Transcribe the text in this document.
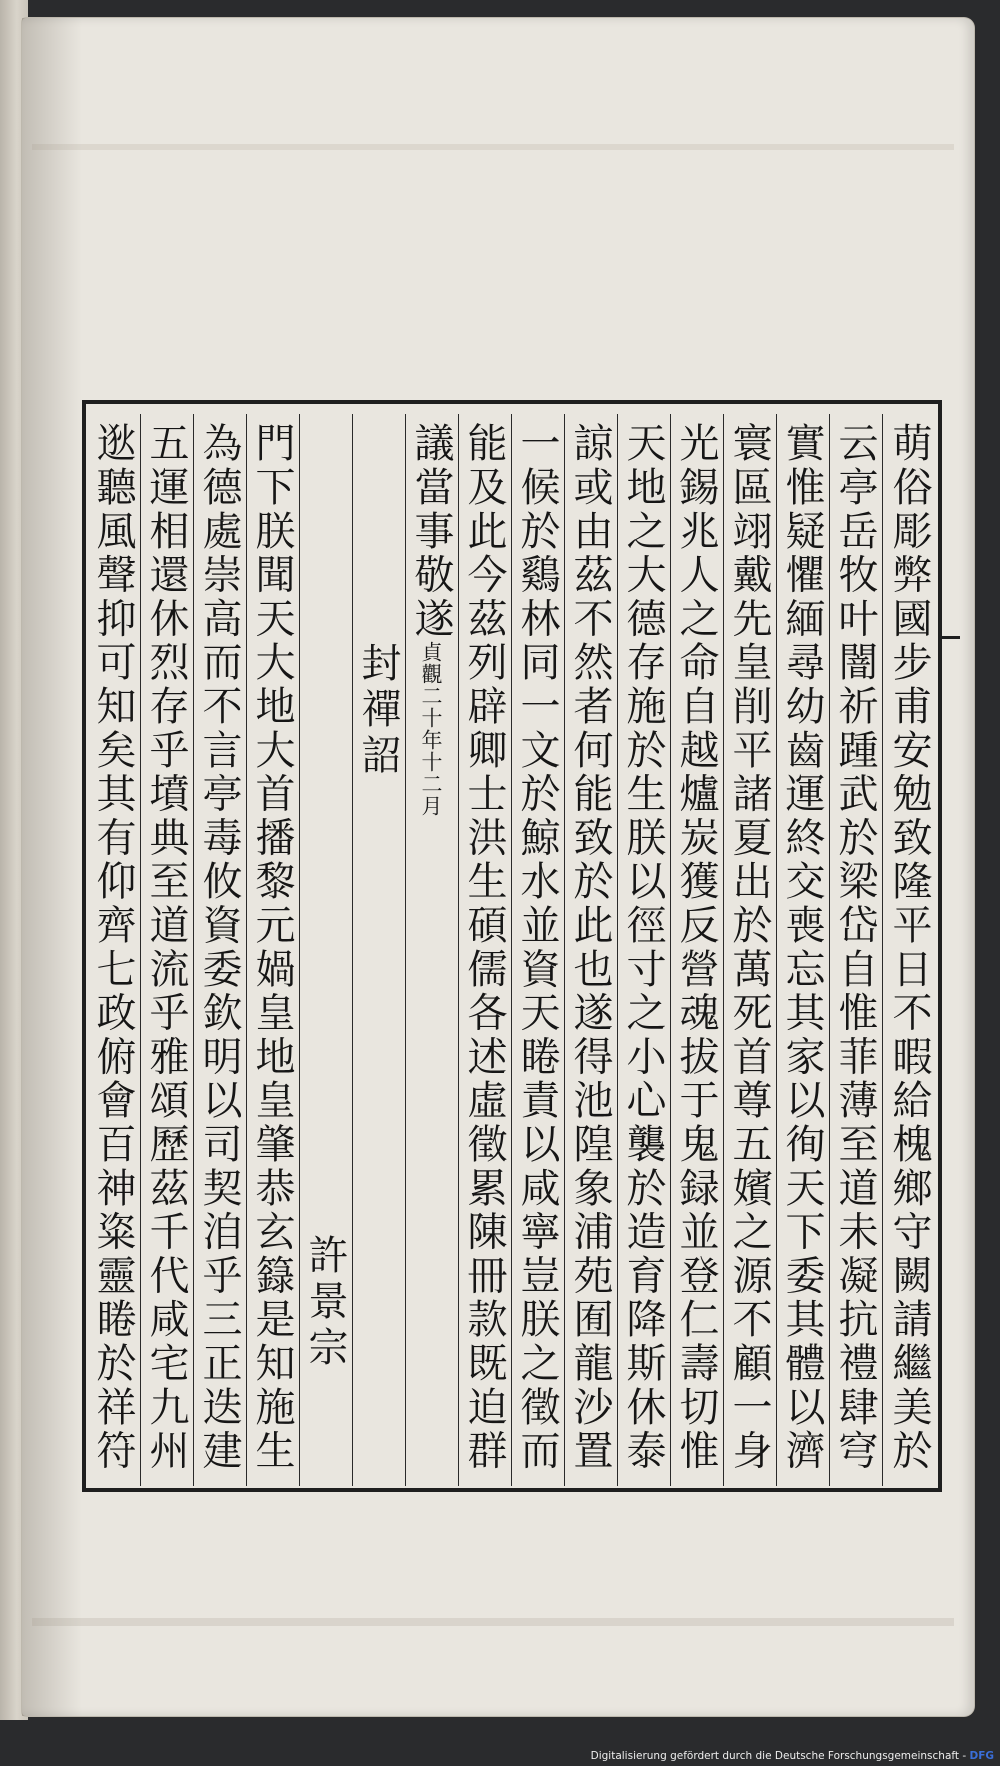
萌俗彫弊國步甫安勉致隆平日不暇給槐鄉守闕請繼美於
云亭岳牧叶闇祈踵武於梁岱自惟菲薄至道未凝抗禮肆穹
實惟疑懼緬尋幼齒運終交喪忘其家以徇天下委其體以濟
寰區翊戴先皇削平諸夏出於萬死首尊五嬪之源不顧一身
光錫兆人之命自越爐炭獲反營魂拔于鬼録並登仁壽切惟
天地之大德存施於生朕以徑寸之小心襲於造育降斯休泰
諒或由茲不然者何能致於此也遂得池隍象浦苑囿龍沙置
一候於鷄林同一文於鯨水並資天睠責以咸寧豈朕之徵而
能及此今茲列辟卿士洪生碩儒各述虛徵累陳冊款既迫群
議當事敬遂貞觀二十年十二月
封禪詔
許景宗
門下朕聞天大地大首播黎元媧皇地皇肇恭玄籙是知施生
為德處崇高而不言亭毒攸資委欽明以司契洎乎三正迭建
五運相還休烈存乎墳典至道流乎雅頌歷茲千代咸宅九州
逖聽風聲抑可知矣其有仰齊七政俯會百神粢靈睠於祥符
Digitalisierung gefördert durch die Deutsche Forschungsgemeinschaft - DFG
